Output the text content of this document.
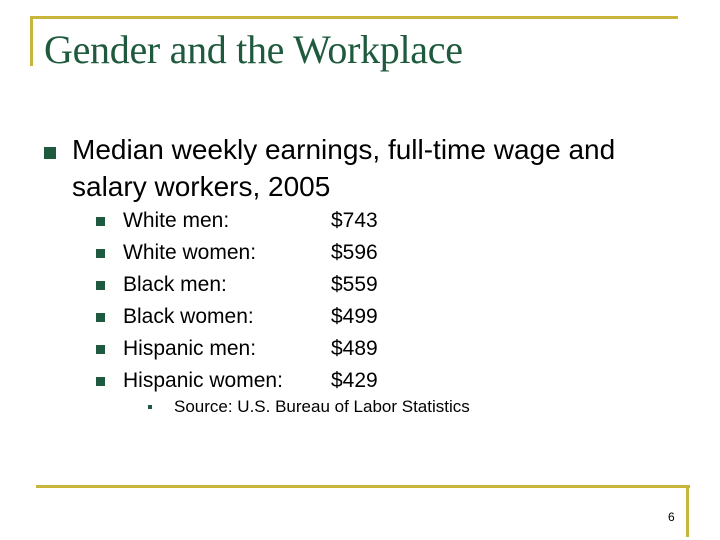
Gender and the Workplace
Median weekly earnings, full-time wage and salary workers, 2005
White men:	$743
White women:	$596
Black men:	$559
Black women:	$499
Hispanic men:	$489
Hispanic women:	$429
Source: U.S. Bureau of Labor Statistics
6
